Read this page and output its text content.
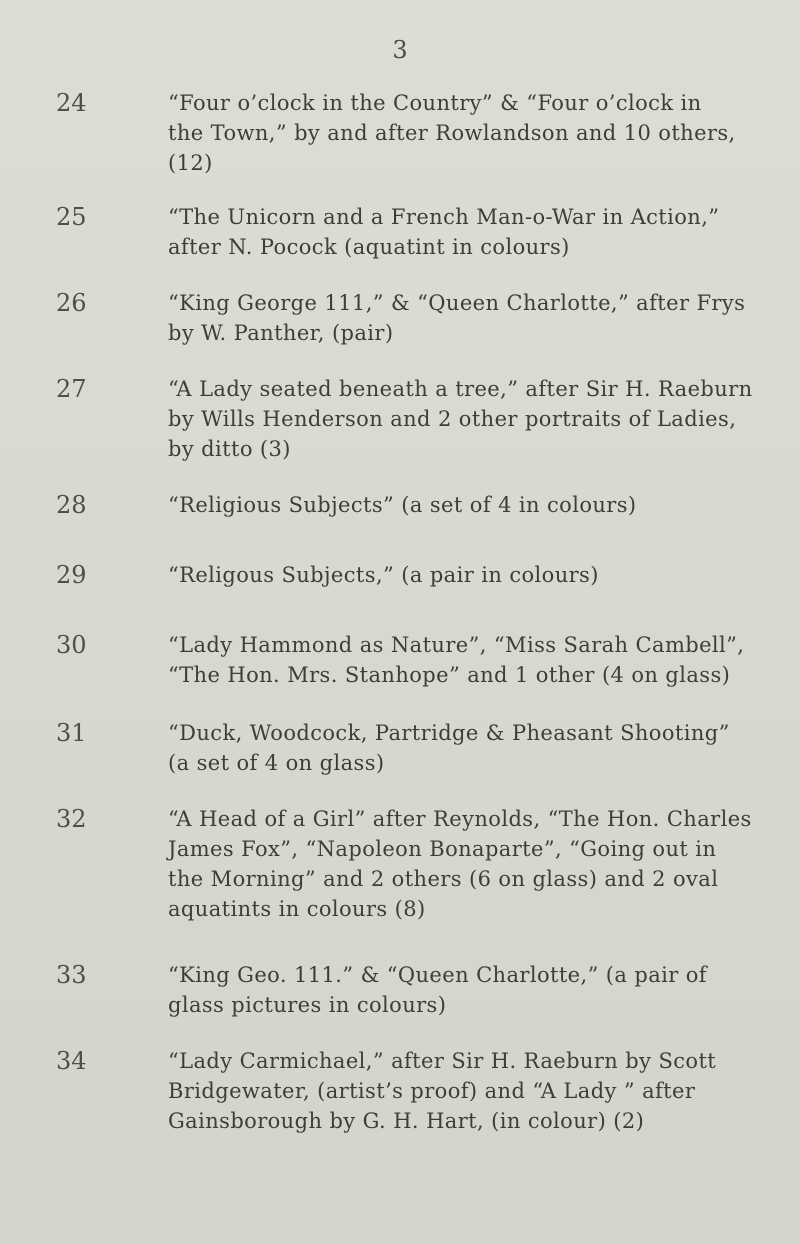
3
24	“Four o’clock in the Country” & “Four o’clock in
the Town,” by and after Rowlandson and 10 others,
(12)
25	“The Unicorn and a French Man-o-War in Action,”
after N. Pocock (aquatint in colours)
26	“King George 111,” & “Queen Charlotte,” after Frys
by W. Panther, (pair)
27	“A Lady seated beneath a tree,” after Sir H. Raeburn
by Wills Henderson and 2 other portraits of Ladies,
by ditto (3)
28	“Religious Subjects” (a set of 4 in colours)
29	“Religous Subjects,” (a pair in colours)
30	“Lady Hammond as Nature”, “Miss Sarah Cambell”,
“The Hon. Mrs. Stanhope” and 1 other (4 on glass)
31	“Duck, Woodcock, Partridge & Pheasant Shooting”
(a set of 4 on glass)
32	“A Head of a Girl” after Reynolds, “The Hon. Charles
James Fox”, “Napoleon Bonaparte”, “Going out in
the Morning” and 2 others (6 on glass) and 2 oval
aquatints in colours (8)
33	“King Geo. 111.” & “Queen Charlotte,” (a pair of
glass pictures in colours)
34	“Lady Carmichael,” after Sir H. Raeburn by Scott
Bridgewater, (artist’s proof) and “A Lady ” after
Gainsborough by G. H. Hart, (in colour) (2)
